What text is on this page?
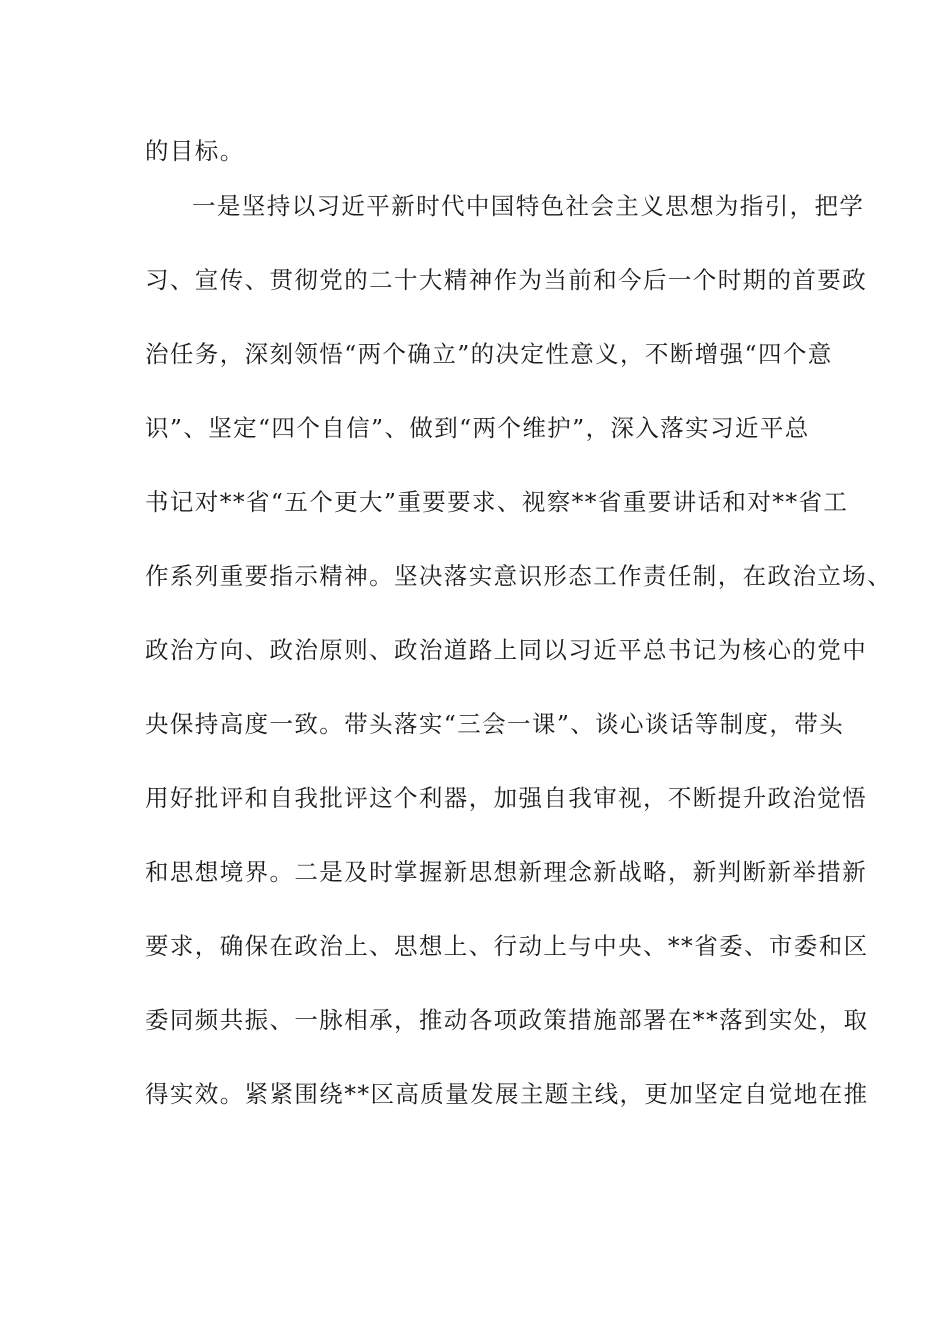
的目标。

一是坚持以习近平新时代中国特色社会主义思想为指引，把学

习、宣传、贯彻党的二十大精神作为当前和今后一个时期的首要政

治任务，深刻领悟“两个确立”的决定性意义，不断增强“四个意

识”、坚定“四个自信”、做到“两个维护”，深入落实习近平总

书记对**省“五个更大”重要要求、视察**省重要讲话和对**省工

作系列重要指示精神。坚决落实意识形态工作责任制，在政治立场、

政治方向、政治原则、政治道路上同以习近平总书记为核心的党中

央保持高度一致。带头落实“三会一课”、谈心谈话等制度，带头

用好批评和自我批评这个利器，加强自我审视，不断提升政治觉悟

和思想境界。二是及时掌握新思想新理念新战略，新判断新举措新

要求，确保在政治上、思想上、行动上与中央、**省委、市委和区

委同频共振、一脉相承，推动各项政策措施部署在**落到实处，取

得实效。紧紧围绕**区高质量发展主题主线，更加坚定自觉地在推
